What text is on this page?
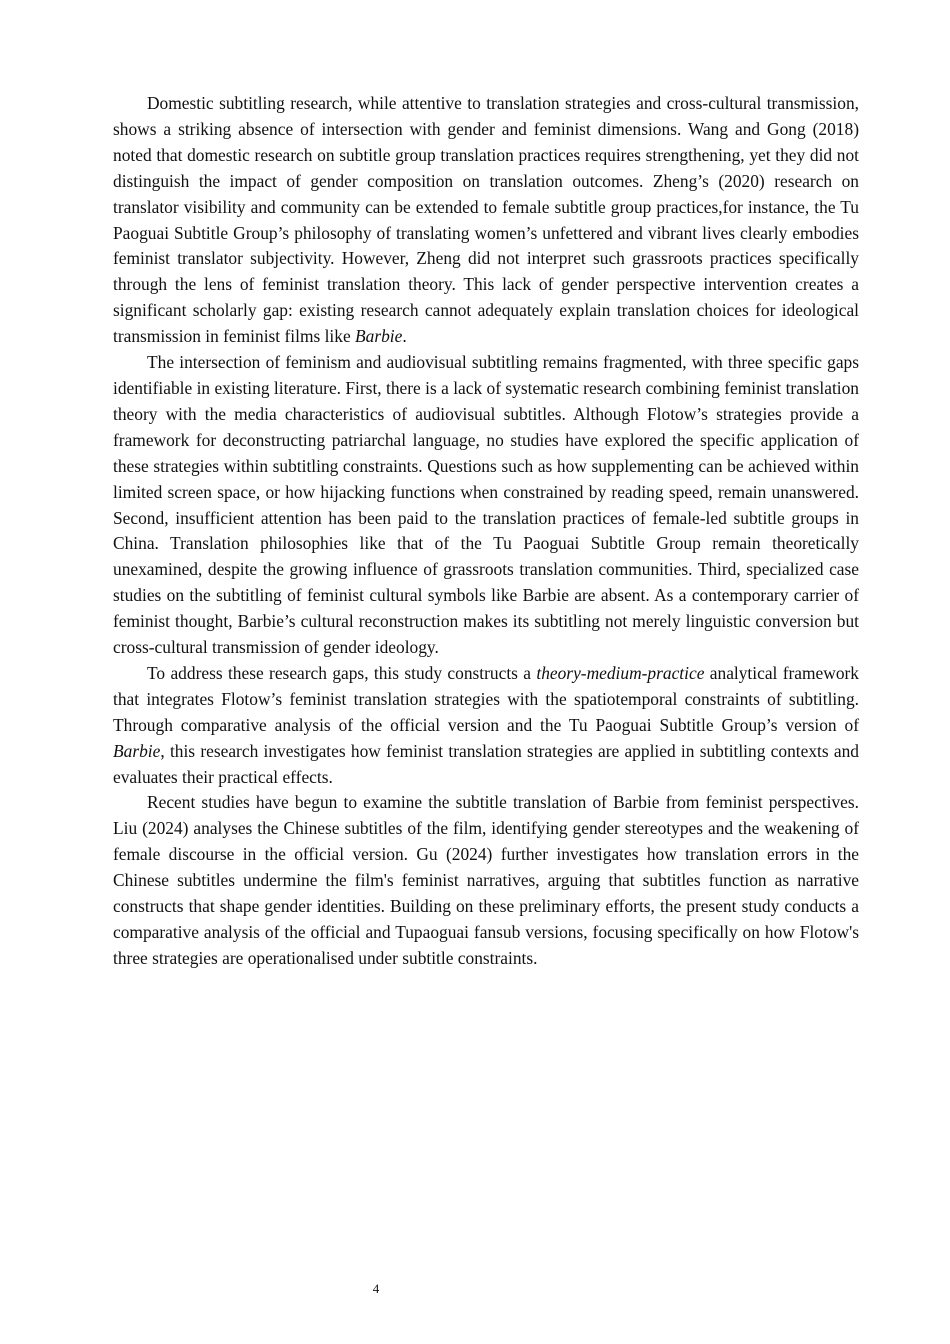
Domestic subtitling research, while attentive to translation strategies and cross-cultural transmission, shows a striking absence of intersection with gender and feminist dimensions. Wang and Gong (2018) noted that domestic research on subtitle group translation practices requires strengthening, yet they did not distinguish the impact of gender composition on translation outcomes. Zheng’s (2020) research on translator visibility and community can be extended to female subtitle group practices,for instance, the Tu Paoguai Subtitle Group’s philosophy of translating women’s unfettered and vibrant lives clearly embodies feminist translator subjectivity. However, Zheng did not interpret such grassroots practices specifically through the lens of feminist translation theory. This lack of gender perspective intervention creates a significant scholarly gap: existing research cannot adequately explain translation choices for ideological transmission in feminist films like Barbie.

The intersection of feminism and audiovisual subtitling remains fragmented, with three specific gaps identifiable in existing literature. First, there is a lack of systematic research combining feminist translation theory with the media characteristics of audiovisual subtitles. Although Flotow’s strategies provide a framework for deconstructing patriarchal language, no studies have explored the specific application of these strategies within subtitling constraints. Questions such as how supplementing can be achieved within limited screen space, or how hijacking functions when constrained by reading speed, remain unanswered. Second, insufficient attention has been paid to the translation practices of female-led subtitle groups in China. Translation philosophies like that of the Tu Paoguai Subtitle Group remain theoretically unexamined, despite the growing influence of grassroots translation communities. Third, specialized case studies on the subtitling of feminist cultural symbols like Barbie are absent. As a contemporary carrier of feminist thought, Barbie’s cultural reconstruction makes its subtitling not merely linguistic conversion but cross-cultural transmission of gender ideology.

To address these research gaps, this study constructs a theory-medium-practice analytical framework that integrates Flotow’s feminist translation strategies with the spatiotemporal constraints of subtitling. Through comparative analysis of the official version and the Tu Paoguai Subtitle Group’s version of Barbie, this research investigates how feminist translation strategies are applied in subtitling contexts and evaluates their practical effects.

Recent studies have begun to examine the subtitle translation of Barbie from feminist perspectives. Liu (2024) analyses the Chinese subtitles of the film, identifying gender stereotypes and the weakening of female discourse in the official version. Gu (2024) further investigates how translation errors in the Chinese subtitles undermine the film's feminist narratives, arguing that subtitles function as narrative constructs that shape gender identities. Building on these preliminary efforts, the present study conducts a comparative analysis of the official and Tupaoguai fansub versions, focusing specifically on how Flotow's three strategies are operationalised under subtitle constraints.

4
